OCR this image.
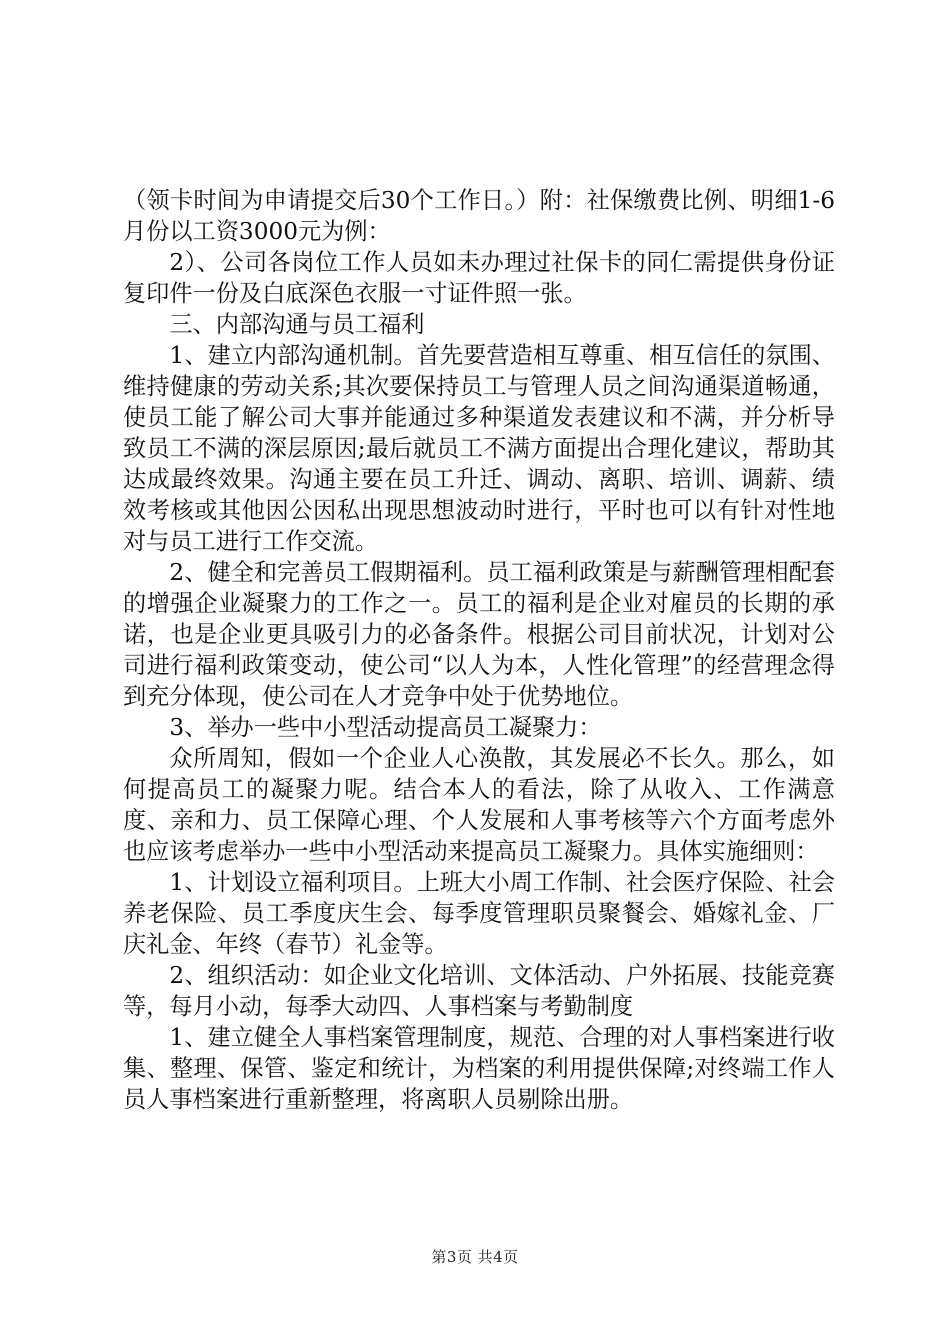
（领卡时间为申请提交后30个工作日。）附：社保缴费比例、明细1-6月份以工资3000元为例：

2）、公司各岗位工作人员如未办理过社保卡的同仁需提供身份证复印件一份及白底深色衣服一寸证件照一张。

三、内部沟通与员工福利

1、建立内部沟通机制。首先要营造相互尊重、相互信任的氛围、维持健康的劳动关系;其次要保持员工与管理人员之间沟通渠道畅通，使员工能了解公司大事并能通过多种渠道发表建议和不满，并分析导致员工不满的深层原因;最后就员工不满方面提出合理化建议，帮助其达成最终效果。沟通主要在员工升迁、调动、离职、培训、调薪、绩效考核或其他因公因私出现思想波动时进行，平时也可以有针对性地对与员工进行工作交流。

2、健全和完善员工假期福利。员工福利政策是与薪酬管理相配套的增强企业凝聚力的工作之一。员工的福利是企业对雇员的长期的承诺，也是企业更具吸引力的必备条件。根据公司目前状况，计划对公司进行福利政策变动，使公司“以人为本，人性化管理”的经营理念得到充分体现，使公司在人才竞争中处于优势地位。

3、举办一些中小型活动提高员工凝聚力：

众所周知，假如一个企业人心涣散，其发展必不长久。那么，如何提高员工的凝聚力呢。结合本人的看法，除了从收入、工作满意度、亲和力、员工保障心理、个人发展和人事考核等六个方面考虑外也应该考虑举办一些中小型活动来提高员工凝聚力。具体实施细则：

1、计划设立福利项目。上班大小周工作制、社会医疗保险、社会养老保险、员工季度庆生会、每季度管理职员聚餐会、婚嫁礼金、厂庆礼金、年终（春节）礼金等。

2、组织活动：如企业文化培训、文体活动、户外拓展、技能竞赛等，每月小动，每季大动四、人事档案与考勤制度

1、建立健全人事档案管理制度，规范、合理的对人事档案进行收集、整理、保管、鉴定和统计，为档案的利用提供保障;对终端工作人员人事档案进行重新整理，将离职人员剔除出册。

第3页 共4页
